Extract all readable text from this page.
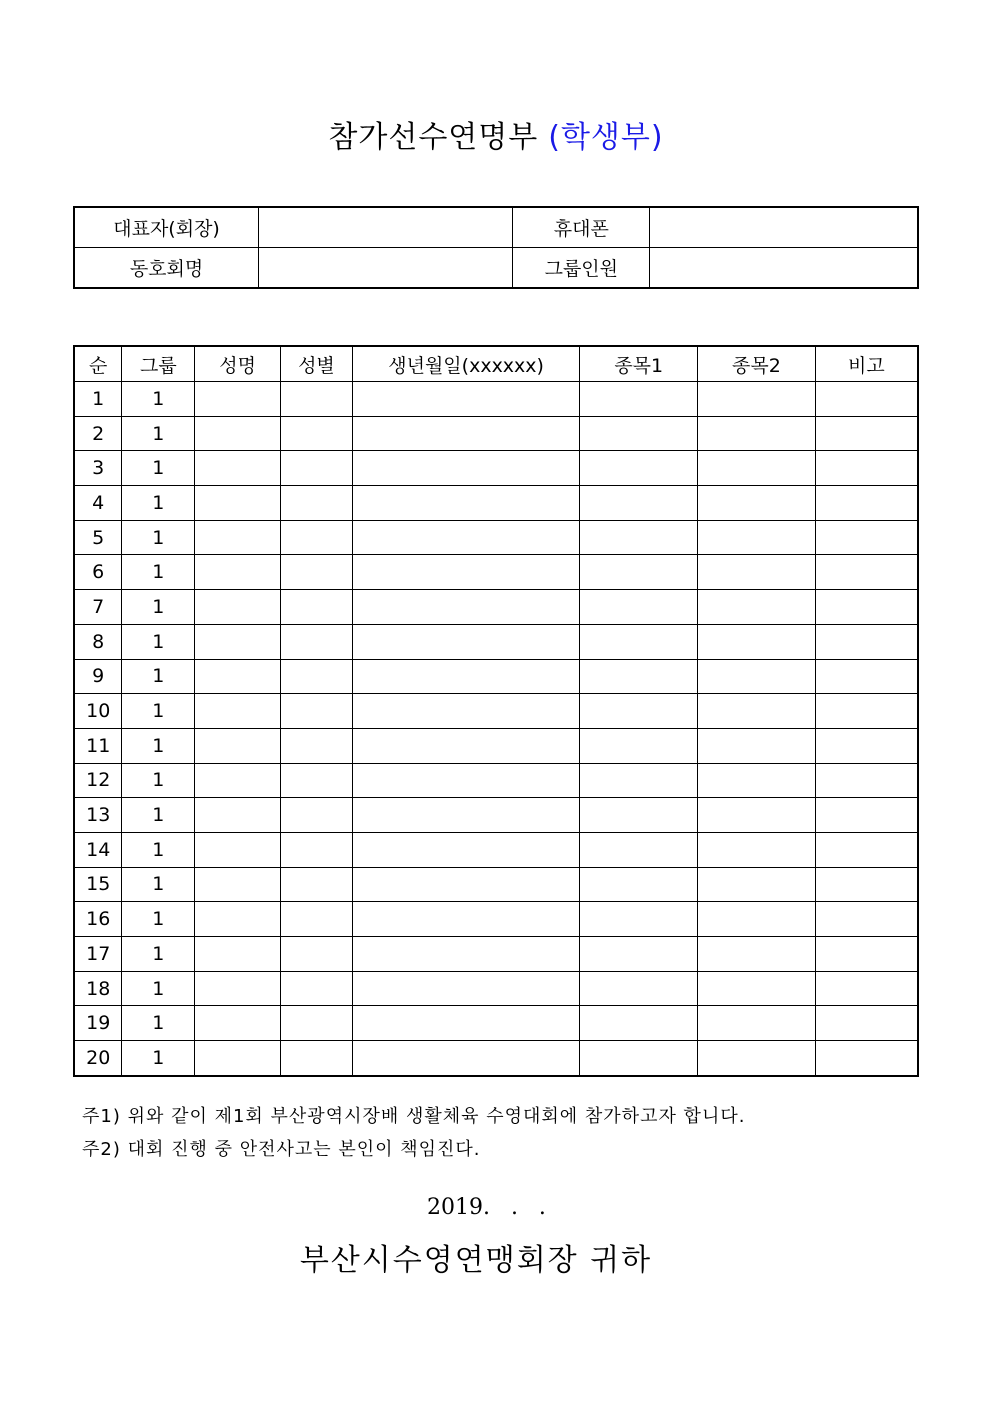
참가선수연명부 (학생부)
대표자(회장)		휴대폰	
동호회명		그룹인원	
순	그룹	성명	성별	생년월일(xxxxxx)	종목1	종목2	비고
1	1						
2	1						
3	1						
4	1						
5	1						
6	1						
7	1						
8	1						
9	1						
10	1						
11	1						
12	1						
13	1						
14	1						
15	1						
16	1						
17	1						
18	1						
19	1						
20	1						
주1) 위와 같이 제1회 부산광역시장배 생활체육 수영대회에 참가하고자 합니다.
주2) 대회 진행 중 안전사고는 본인이 책임진다.
2019.   .   .
부산시수영연맹회장 귀하
